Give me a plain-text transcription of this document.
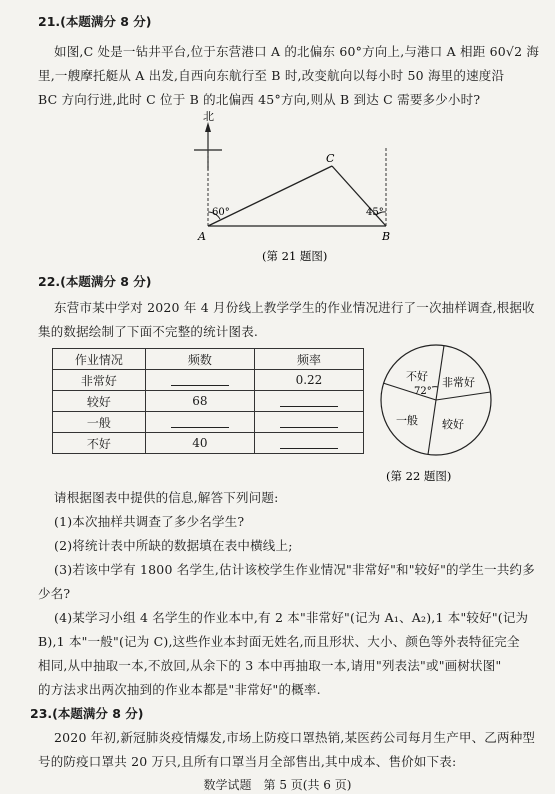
21.(本题满分 8 分)
如图,C 处是一钻井平台,位于东营港口 A 的北偏东 60°方向上,与港口 A 相距 60√2 海
里,一艘摩托艇从 A 出发,自西向东航行至 B 时,改变航向以每小时 50 海里的速度沿
BC 方向行进,此时 C 位于 B 的北偏西 45°方向,则从 B 到达 C 需要多少小时?
北
60°	45°
A	B
C
(第 21 题图)
22.(本题满分 8 分)
东营市某中学对 2020 年 4 月份线上教学学生的作业情况进行了一次抽样调查,根据收
集的数据绘制了下面不完整的统计图表.
作业情况	频数	频率
非常好		0.22
较好	68	
一般		
不好	40	
不好
72°
非常好
较好
一般
(第 22 题图)
请根据图表中提供的信息,解答下列问题:
(1)本次抽样共调查了多少名学生?
(2)将统计表中所缺的数据填在表中横线上;
(3)若该中学有 1800 名学生,估计该校学生作业情况"非常好"和"较好"的学生一共约多
少名?
(4)某学习小组 4 名学生的作业本中,有 2 本"非常好"(记为 A₁、A₂),1 本"较好"(记为
B),1 本"一般"(记为 C),这些作业本封面无姓名,而且形状、大小、颜色等外表特征完全
相同,从中抽取一本,不放回,从余下的 3 本中再抽取一本,请用"列表法"或"画树状图"
的方法求出两次抽到的作业本都是"非常好"的概率.
23.(本题满分 8 分)
2020 年初,新冠肺炎疫情爆发,市场上防疫口罩热销,某医药公司每月生产甲、乙两种型
号的防疫口罩共 20 万只,且所有口罩当月全部售出,其中成本、售价如下表:
数学试题　第 5 页(共 6 页)
